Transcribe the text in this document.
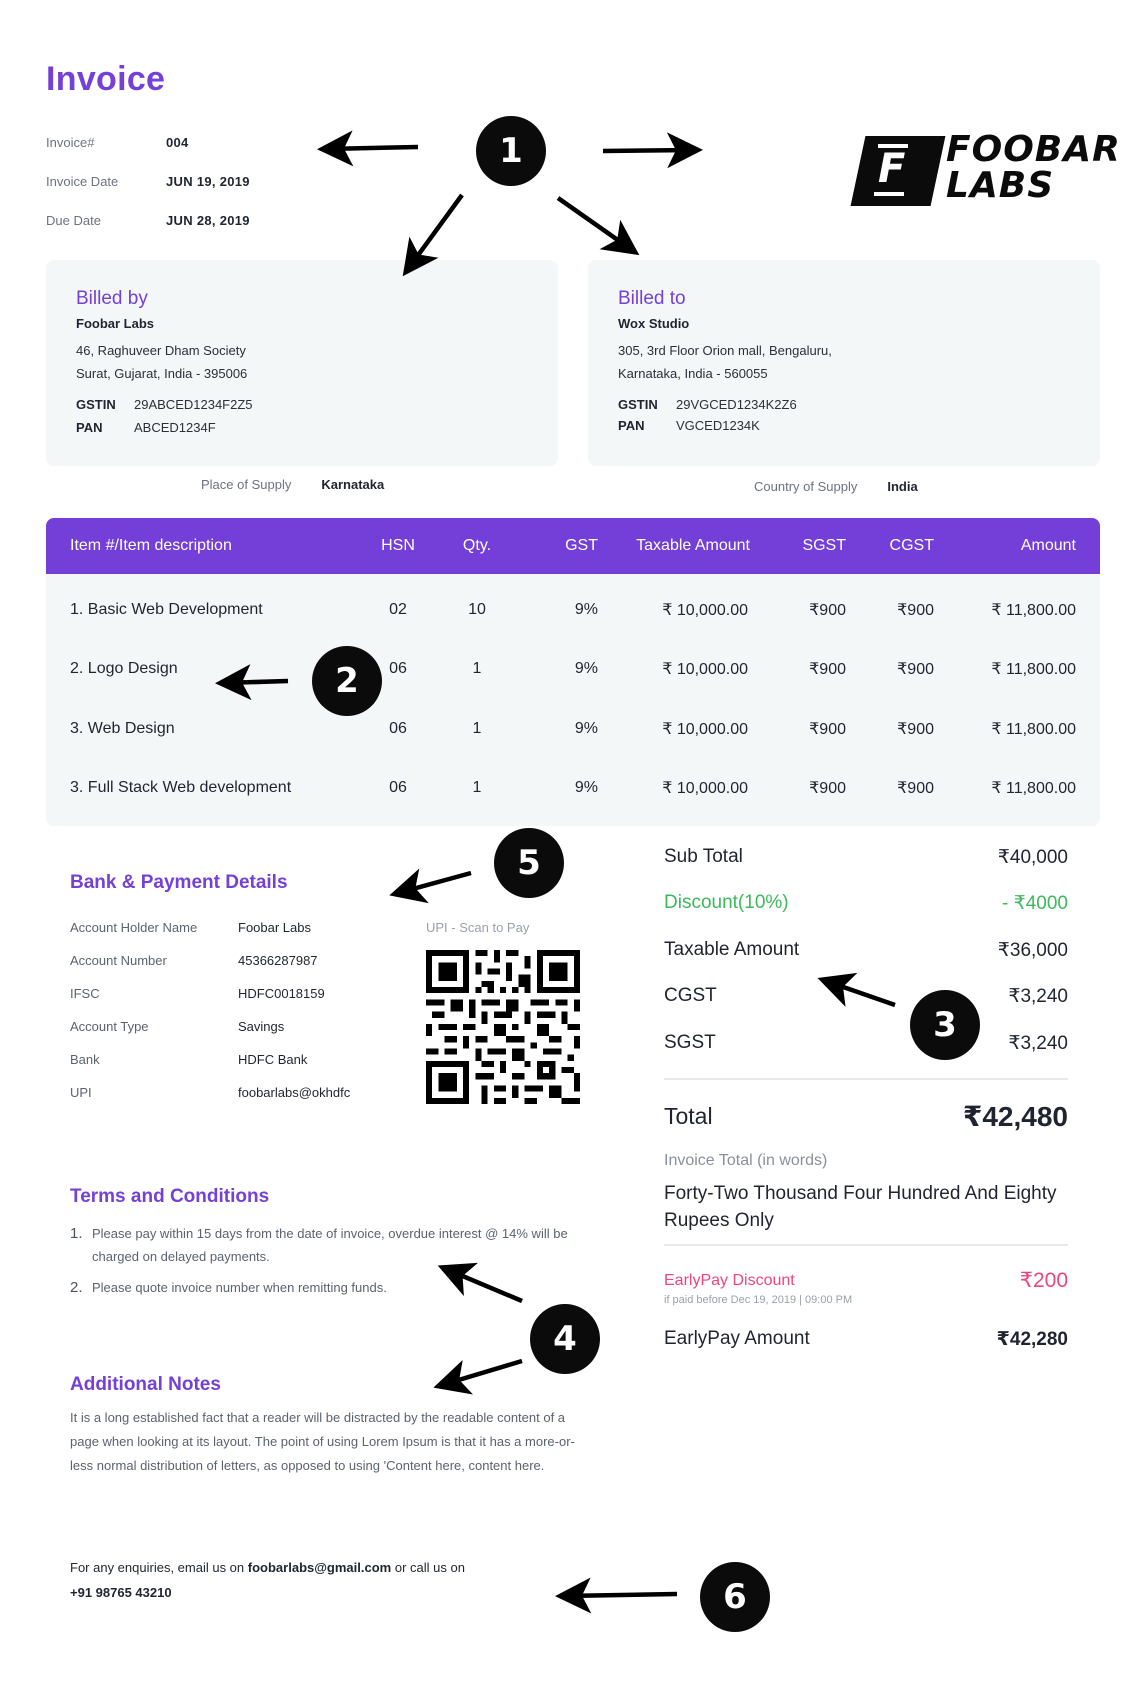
Invoice
Invoice#	004
Invoice Date	JUN 19, 2019
Due Date	JUN 28, 2019
F FOOBAR
LABS
Billed by
Foobar Labs
46, Raghuveer Dham Society
Surat, Gujarat, India - 395006
GSTIN	29ABCED1234F2Z5
PAN	ABCED1234F
Billed to
Wox Studio
305, 3rd Floor Orion mall, Bengaluru,
Karnataka, India - 560055
GSTIN	29VGCED1234K2Z6
PAN	VGCED1234K
Place of Supply Karnataka	Country of Supply India
Item #/Item description	HSN	Qty.	GST	Taxable Amount	SGST	CGST	Amount
1. Basic Web Development	02	10	9%	₹ 10,000.00	₹900	₹900	₹ 11,800.00
2. Logo Design	06	1	9%	₹ 10,000.00	₹900	₹900	₹ 11,800.00
3. Web Design	06	1	9%	₹ 10,000.00	₹900	₹900	₹ 11,800.00
3. Full Stack Web development	06	1	9%	₹ 10,000.00	₹900	₹900	₹ 11,800.00
Bank & Payment Details
Account Holder Name	Foobar Labs
Account Number	45366287987
IFSC	HDFC0018159
Account Type	Savings
Bank	HDFC Bank
UPI	foobarlabs@okhdfc
UPI - Scan to Pay
Sub Total	₹40,000
Discount(10%)	- ₹4000
Taxable Amount	₹36,000
CGST	₹3,240
SGST	₹3,240
Total	₹42,480
Invoice Total (in words)
Forty-Two Thousand Four Hundred And Eighty Rupees Only
EarlyPay Discount	₹200
if paid before Dec 19, 2019 | 09:00 PM
EarlyPay Amount	₹42,280
Terms and Conditions
1. Please pay within 15 days from the date of invoice, overdue interest @ 14% will be charged on delayed payments.
2. Please quote invoice number when remitting funds.
Additional Notes
It is a long established fact that a reader will be distracted by the readable content of a page when looking at its layout. The point of using Lorem Ipsum is that it has a more-or-less normal distribution of letters, as opposed to using 'Content here, content here.
For any enquiries, email us on foobarlabs@gmail.com or call us on
+91 98765 43210
1
2
3
4
5
6
